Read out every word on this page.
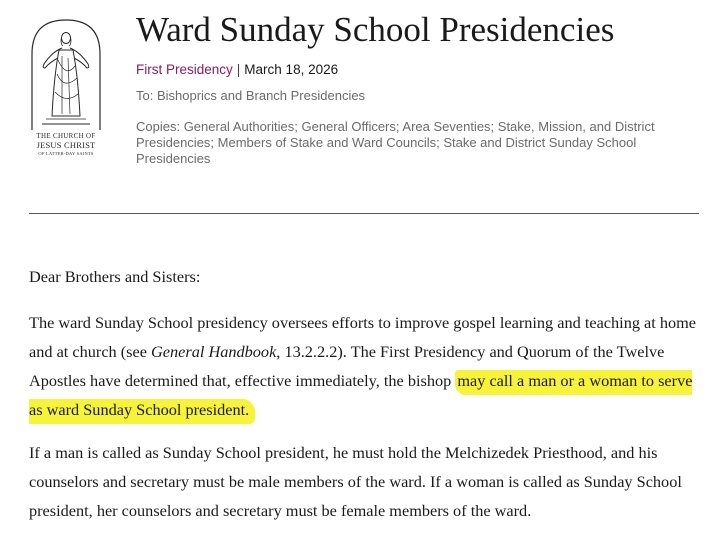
THE CHURCH OF
JESUS CHRIST
OF LATTER-DAY SAINTS
Ward Sunday School Presidencies
First Presidency | March 18, 2026
To: Bishoprics and Branch Presidencies
Copies: General Authorities; General Officers; Area Seventies; Stake, Mission, and District Presidencies; Members of Stake and Ward Councils; Stake and District Sunday School Presidencies

Dear Brothers and Sisters:

The ward Sunday School presidency oversees efforts to improve gospel learning and teaching at home and at church (see General Handbook, 13.2.2.2). The First Presidency and Quorum of the Twelve Apostles have determined that, effective immediately, the bishop may call a man or a woman to serve as ward Sunday School president.

If a man is called as Sunday School president, he must hold the Melchizedek Priesthood, and his counselors and secretary must be male members of the ward. If a woman is called as Sunday School president, her counselors and secretary must be female members of the ward.
